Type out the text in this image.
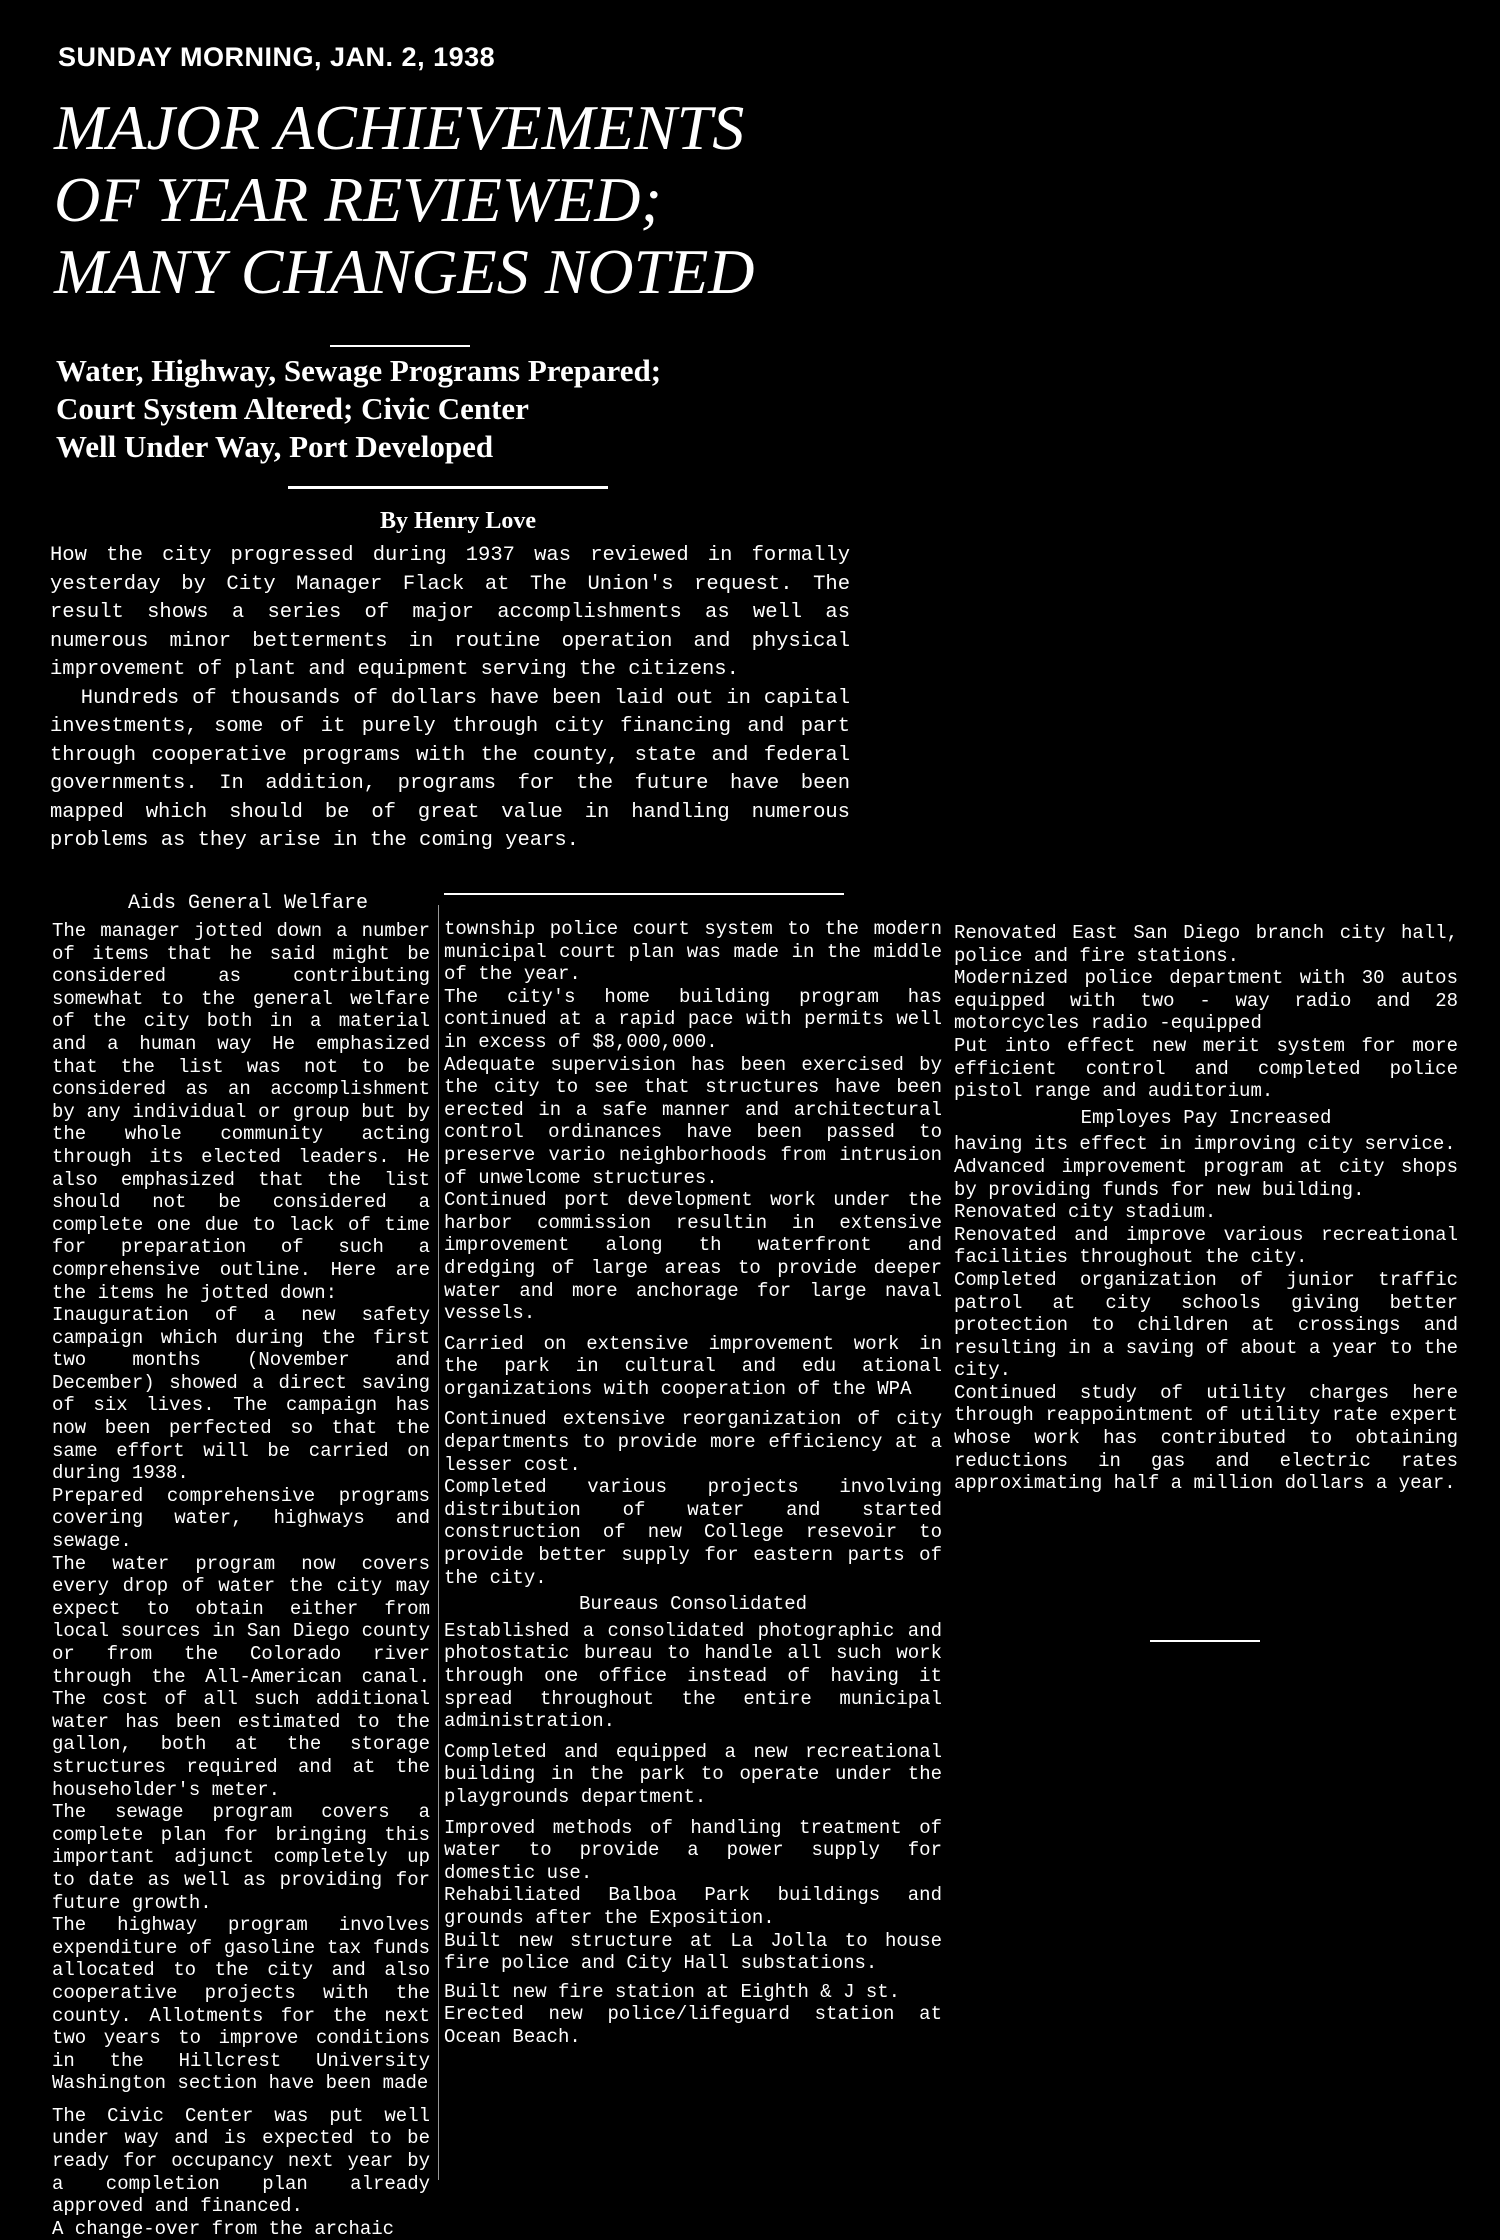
SUNDAY MORNING, JAN. 2, 1938
MAJOR ACHIEVEMENTS
OF YEAR REVIEWED;
MANY CHANGES NOTED
Water, Highway, Sewage Programs Prepared;
Court System Altered; Civic Center
Well Under Way, Port Developed
By Henry Love

How the city progressed during 1937 was reviewed in formally yesterday by City Manager Flack at The Union's request. The result shows a series of major accomplishments as well as numerous minor betterments in routine operation and physical improvement of plant and equipment serving the citizens.

Hundreds of thousands of dollars have been laid out in capital investments, some of it purely through city financing and part through cooperative programs with the county, state and federal governments. In addition, programs for the future have been mapped which should be of great value in handling numerous problems as they arise in the coming years.

Aids General Welfare

The manager jotted down a number of items that he said might be considered as contributing somewhat to the general welfare of the city both in a material and a human way He emphasized that the list was not to be considered as an accomplishment by any individual or group but by the whole community acting through its elected leaders. He also emphasized that the list should not be considered a complete one due to lack of time for preparation of such a comprehensive outline. Here are the items he jotted down:

Inauguration of a new safety campaign which during the first two months (November and December) showed a direct saving of six lives. The campaign has now been perfected so that the same effort will be carried on during 1938.

Prepared comprehensive programs covering water, highways and sewage.

The water program now covers every drop of water the city may expect to obtain either from local sources in San Diego county or from the Colorado river through the All-American canal. The cost of all such additional water has been estimated to the gallon, both at the storage structures required and at the householder's meter.

The sewage program covers a complete plan for bringing this important adjunct completely up to date as well as providing for future growth.

The highway program involves expenditure of gasoline tax funds allocated to the city and also cooperative projects with the county. Allotments for the next two years to improve conditions in the Hillcrest University Washington section have been made

The Civic Center was put well under way and is expected to be ready for occupancy next year by a completion plan already approved and financed.

A change-over from the archaic

township police court system to the modern municipal court plan was made in the middle of the year.

The city's home building program has continued at a rapid pace with permits well in excess of $8,000,000.

Adequate supervision has been exercised by the city to see that structures have been erected in a safe manner and architectural control ordinances have been passed to preserve vario neighborhoods from intrusion of unwelcome structures.

Continued port development work under the harbor commission resultin in extensive improvement along th waterfront and dredging of large areas to provide deeper water and more anchorage for large naval vessels.

Carried on extensive improvement work in the park in cultural and edu ational organizations with cooperation of the WPA

Continued extensive reorganization of city departments to provide more efficiency at a lesser cost.

Completed various projects involving distribution of water and started construction of new College resevoir to provide better supply for eastern parts of the city.

Bureaus Consolidated

Established a consolidated photographic and photostatic bureau to handle all such work through one office instead of having it spread throughout the entire municipal administration.

Completed and equipped a new recreational building in the park to operate under the playgrounds department.

Improved methods of handling treatment of water to provide a power supply for domestic use.

Rehabiliated Balboa Park buildings and grounds after the Exposition.

Built new structure at La Jolla to house fire police and City Hall substations.

Built new fire station at Eighth & J st.

Erected new police/lifeguard station at Ocean Beach.

Renovated East San Diego branch city hall, police and fire stations.

Modernized police department with 30 autos equipped with two - way radio and 28 motorcycles radio -equipped

Put into effect new merit system for more efficient control and completed police pistol range and auditorium.

Employes Pay Increased

having its effect in improving city service.

Advanced improvement program at city shops by providing funds for new building.

Renovated city stadium.

Renovated and improve various recreational facilities throughout the city.

Completed organization of junior traffic patrol at city schools giving better protection to children at crossings and resulting in a saving of about a year to the city.

Continued study of utility charges here through reappointment of utility rate expert whose work has contributed to obtaining reductions in gas and electric rates approximating half a million dollars a year.
